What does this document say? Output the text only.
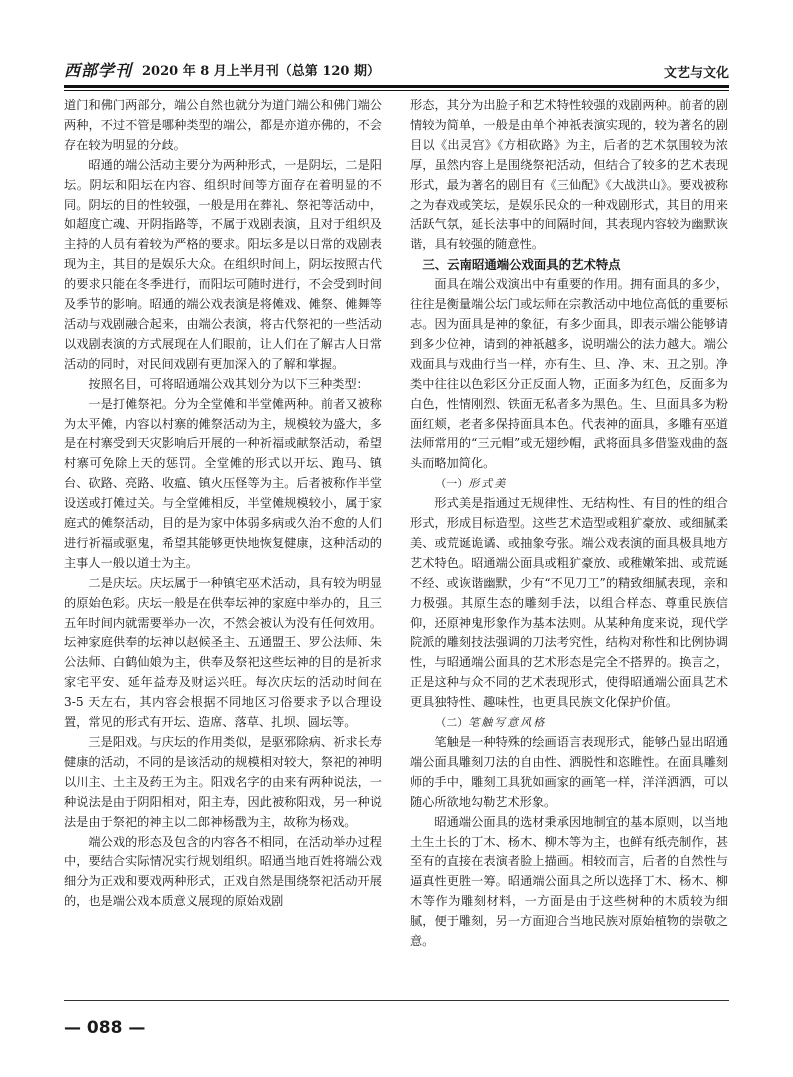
西部学刊 2020 年 8 月上半月刊（总第 120 期）	文艺与文化

道门和佛门两部分，端公自然也就分为道门端公和佛门端公两种，不过不管是哪种类型的端公，都是亦道亦佛的，不会存在较为明显的分歧。

昭通的端公活动主要分为两种形式，一是阴坛，二是阳坛。阴坛和阳坛在内容、组织时间等方面存在着明显的不同。阴坛的目的性较强，一般是用在葬礼、祭祀等活动中，如超度亡魂、开阴指路等，不属于戏剧表演，且对于组织及主持的人员有着较为严格的要求。阳坛多是以日常的戏剧表现为主，其目的是娱乐大众。在组织时间上，阴坛按照古代的要求只能在冬季进行，而阳坛可随时进行，不会受到时间及季节的影响。昭通的端公戏表演是将傩戏、傩祭、傩舞等活动与戏剧融合起来，由端公表演，将古代祭祀的一些活动以戏剧表演的方式展现在人们眼前，让人们在了解古人日常活动的同时，对民间戏剧有更加深入的了解和掌握。

按照名目，可将昭通端公戏其划分为以下三种类型：

一是打傩祭祀。分为全堂傩和半堂傩两种。前者又被称为太平傩，内容以村寨的傩祭活动为主，规模较为盛大，多是在村寨受到天灾影响后开展的一种祈福或献祭活动，希望村寨可免除上天的惩罚。全堂傩的形式以开坛、跑马、镇台、砍路、亮路、收瘟、镇火压怪等为主。后者被称作半堂设送或打傩过关。与全堂傩相反，半堂傩规模较小，属于家庭式的傩祭活动，目的是为家中体弱多病或久治不愈的人们进行祈福或驱鬼，希望其能够更快地恢复健康，这种活动的主事人一般以道士为主。

二是庆坛。庆坛属于一种镇宅巫术活动，具有较为明显的原始色彩。庆坛一般是在供奉坛神的家庭中举办的，且三五年时间内就需要举办一次，不然会被认为没有任何效用。坛神家庭供奉的坛神以赵候圣主、五通盟王、罗公法师、朱公法师、白鹤仙娘为主，供奉及祭祀这些坛神的目的是祈求家宅平安、延年益寿及财运兴旺。每次庆坛的活动时间在 3-5 天左右，其内容会根据不同地区习俗要求予以合理设置，常见的形式有开坛、造席、落草、扎坝、圆坛等。

三是阳戏。与庆坛的作用类似，是驱邪除病、祈求长寿健康的活动，不同的是该活动的规模相对较大，祭祀的神明以川主、土主及药王为主。阳戏名字的由来有两种说法，一种说法是由于阴阳相对，阳主寿，因此被称阳戏，另一种说法是由于祭祀的神主以二郎神杨戬为主，故称为杨戏。

端公戏的形态及包含的内容各不相同，在活动举办过程中，要结合实际情况实行规划组织。昭通当地百姓将端公戏细分为正戏和要戏两种形式，正戏自然是围绕祭祀活动开展的，也是端公戏本质意义展现的原始戏剧

形态，其分为出脸子和艺术特性较强的戏剧两种。前者的剧情较为简单，一般是由单个神祇表演实现的，较为著名的剧目以《出灵宫》《方相砍路》为主，后者的艺术氛围较为浓厚，虽然内容上是围绕祭祀活动，但结合了较多的艺术表现形式，最为著名的剧目有《三仙配》《大战洪山》。要戏被称之为春戏或笑坛，是娱乐民众的一种戏剧形式，其目的用来活跃气氛，延长法事中的间隔时间，其表现内容较为幽默诙谐，具有较强的随意性。

三、云南昭通端公戏面具的艺术特点

面具在端公戏演出中有重要的作用。拥有面具的多少，往往是衡量端公坛门或坛师在宗教活动中地位高低的重要标志。因为面具是神的象征，有多少面具，即表示端公能够请到多少位神，请到的神祇越多，说明端公的法力越大。端公戏面具与戏曲行当一样，亦有生、旦、净、末、丑之别。净类中往往以色彩区分正反面人物，正面多为红色，反面多为白色，性情刚烈、铁面无私者多为黑色。生、旦面具多为粉面红颊，老者多保持面具本色。代表神的面具，多雕有巫道法师常用的“三元帽”或无翅纱帽，武将面具多借鉴戏曲的盔头而略加简化。

（一）形式美

形式美是指通过无规律性、无结构性、有目的性的组合形式，形成目标造型。这些艺术造型或粗犷豪放、或细腻柔美、或荒诞诡谲、或抽象夸张。端公戏表演的面具极具地方艺术特色。昭通端公面具或粗犷豪放、或稚嫩笨拙、或荒诞不经、或诙谐幽默，少有“不见刀工”的精致细腻表现，亲和力极强。其原生态的雕刻手法，以组合样态、尊重民族信仰，还原神鬼形象作为基本法则。从某种角度来说，现代学院派的雕刻技法强调的刀法考究性，结构对称性和比例协调性，与昭通端公面具的艺术形态是完全不搭界的。换言之，正是这种与众不同的艺术表现形式，使得昭通端公面具艺术更具独特性、趣味性，也更具民族文化保护价值。

（二）笔触写意风格

笔触是一种特殊的绘画语言表现形式，能够凸显出昭通端公面具雕刻刀法的自由性、洒脱性和恣睢性。在面具雕刻师的手中，雕刻工具犹如画家的画笔一样，洋洋洒洒，可以随心所欲地勾勒艺术形象。

昭通端公面具的选材秉承因地制宜的基本原则，以当地土生土长的丁木、杨木、柳木等为主，也鲜有纸壳制作，甚至有的直接在表演者脸上描画。相较而言，后者的自然性与逼真性更胜一筹。昭通端公面具之所以选择丁木、杨木、柳木等作为雕刻材料，一方面是由于这些树种的木质较为细腻，便于雕刻，另一方面迎合当地民族对原始植物的崇敬之意。

— 088 —
